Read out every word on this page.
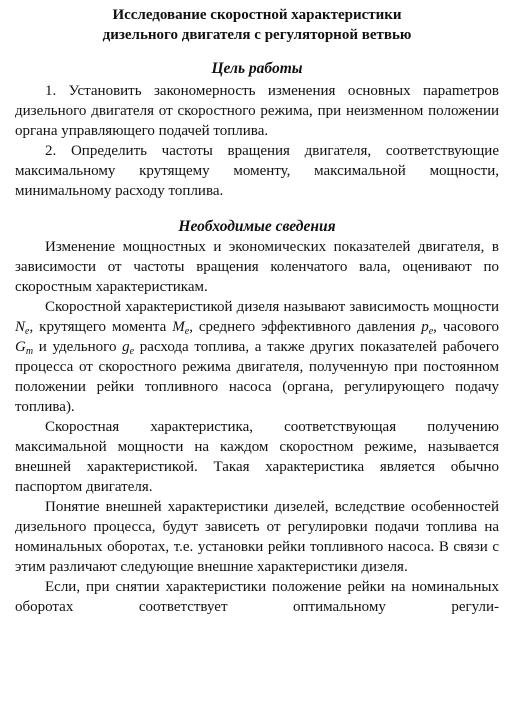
Исследование скоростной характеристики
дизельного двигателя с регуляторной ветвью
Цель работы

1. Установить закономерность изменения основных параmетров дизельного двигателя от скоростного режима, при неизменном положении органа управляющего подачей топлива.

2. Определить частоты вращения двигателя, соответствующие максимальному крутящему моменту, максимальной мощности, минимальному расходу топлива.

Необходимые сведения

Изменение мощностных и экономических показателей двигателя, в зависимости от частоты вращения коленчатого вала, оценивают по скоростным характеристикам.

Скоростной характеристикой дизеля называют зависимость мощности $N_e$, крутящего момента $M_e$, среднего эффективного давления $p_e$, часового $G_m$ и удельного $g_e$ расхода топлива, а также других показателей рабочего процесса от скоростного режима двигателя, полученную при постоянном положении рейки топливного насоса (органа, регулирующего подачу топлива).

Скоростная характеристика, соответствующая получению максимальной мощности на каждом скоростном режиме, называется внешней характеристикой. Такая характеристика является обычно паспортом двигателя.

Понятие внешней характеристики дизелей, вследствие особенностей дизельного процесса, будут зависеть от регулировки подачи топлива на номинальных оборотах, т.е. установки рейки топливного насоса. В связи с этим различают следующие внешние характеристики дизеля.

Если, при снятии характеристики положение рейки на номинальных оборотах соответствует оптимальному регули-
